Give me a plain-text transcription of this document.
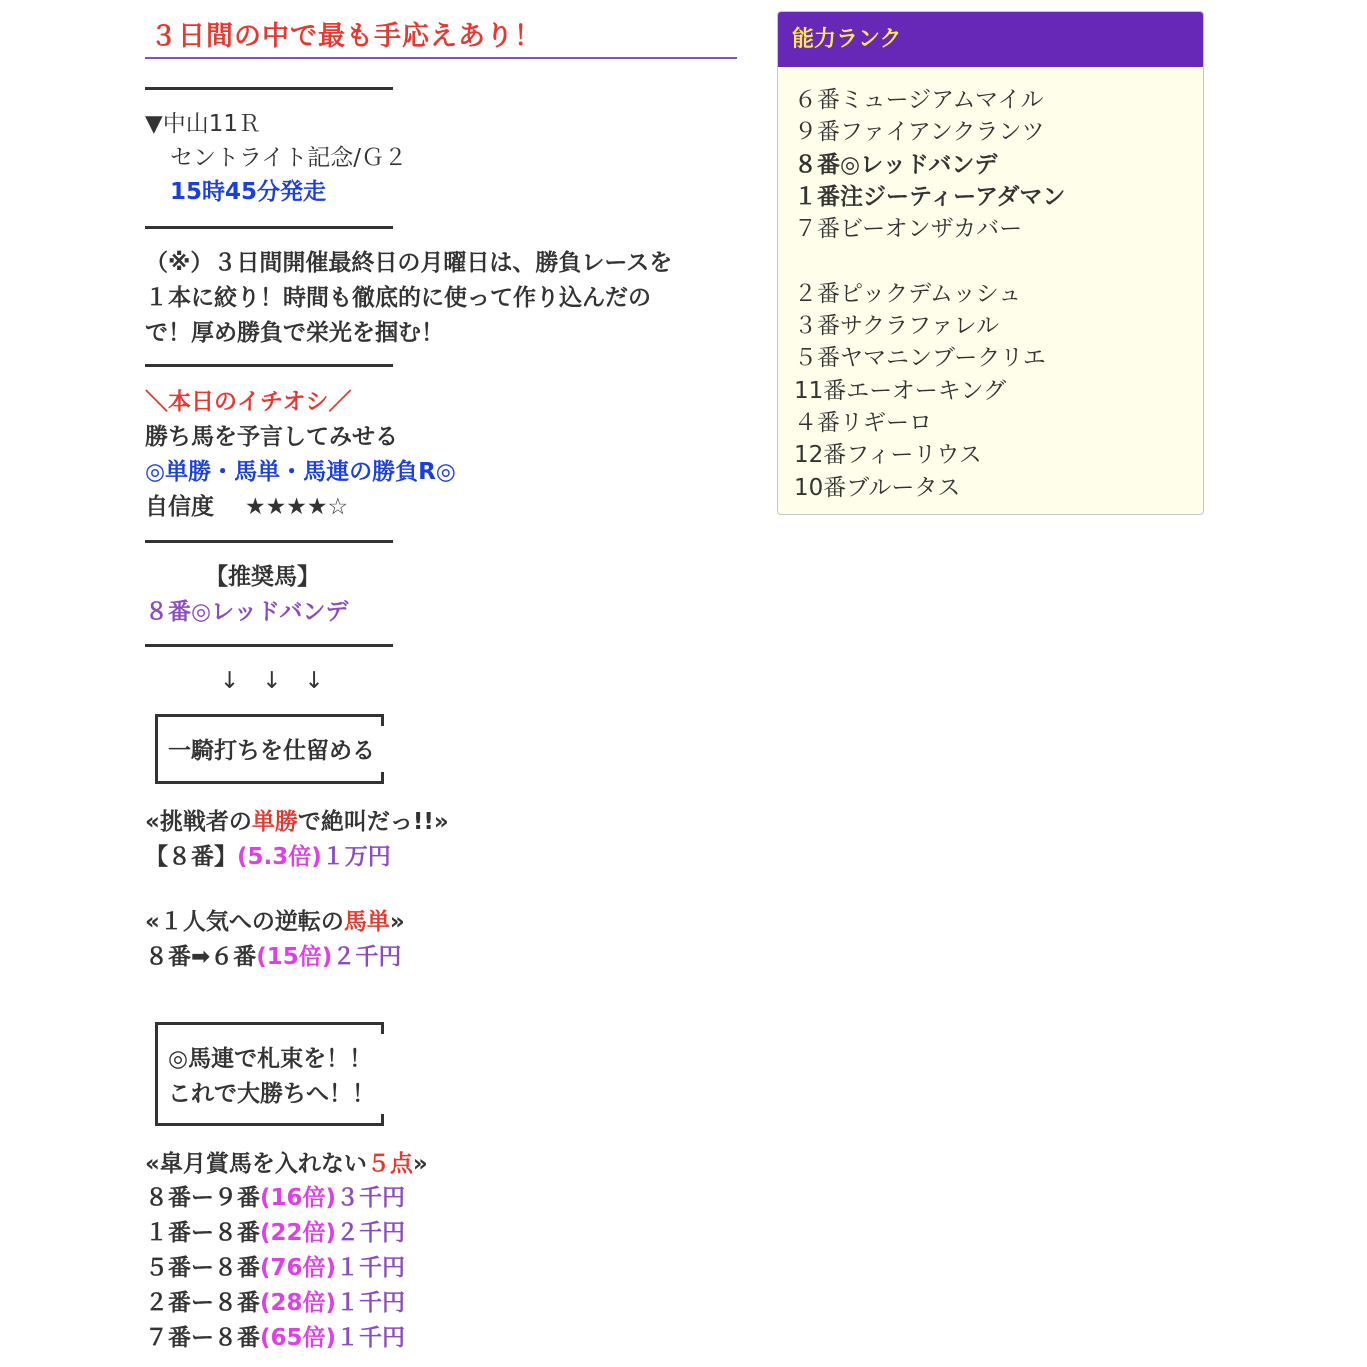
３日間の中で最も手応えあり！
▼中山11Ｒ
セントライト記念/Ｇ２
15時45分発走
（※）３日間開催最終日の月曜日は、勝負レースを
１本に絞り！時間も徹底的に使って作り込んだの
で！厚め勝負で栄光を掴む！
＼本日のイチオシ／
勝ち馬を予言してみせる
◎単勝・馬単・馬連の勝負R◎
自信度　 ★★★★☆
【推奨馬】
８番◎レッドバンデ
↓　↓　↓
一騎打ちを仕留める
«挑戦者の単勝で絶叫だっ!!»
【８番】(5.3倍)１万円
«１人気への逆転の馬単»
８番➡６番(15倍)２千円
◎馬連で札束を！！
これで大勝ちへ！！
«皐月賞馬を入れない５点»
８番ー９番(16倍)３千円
１番ー８番(22倍)２千円
５番ー８番(76倍)１千円
２番ー８番(28倍)１千円
７番ー８番(65倍)１千円
能力ランク
６番ミュージアムマイル
９番ファイアンクランツ
８番◎レッドバンデ
１番注ジーティーアダマン
７番ビーオンザカバー
２番ピックデムッシュ
３番サクラファレル
５番ヤマニンブークリエ
11番エーオーキング
４番リギーロ
12番フィーリウス
10番ブルータス
